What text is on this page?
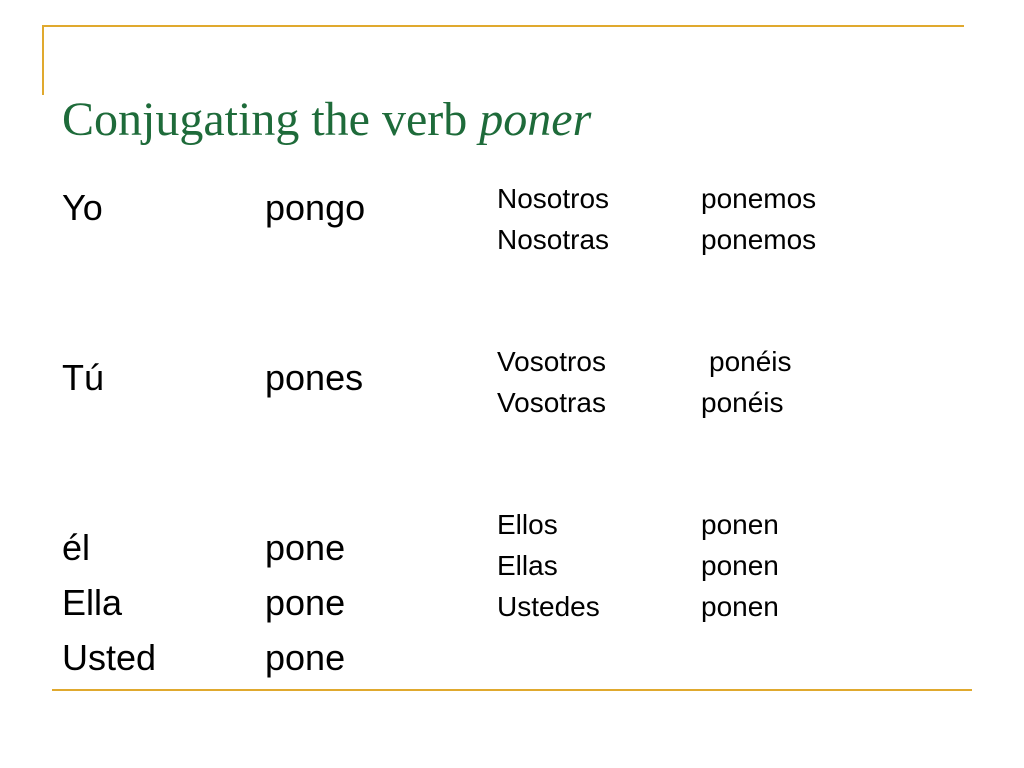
Conjugating the verb poner
Yo
Tú
él
Ella
Usted
pongo
pones
pone
pone
pone
Nosotros
Nosotras
Vosotros
Vosotras
Ellos
Ellas
Ustedes
ponemos
ponemos
ponéis
ponéis
ponen
ponen
ponen
